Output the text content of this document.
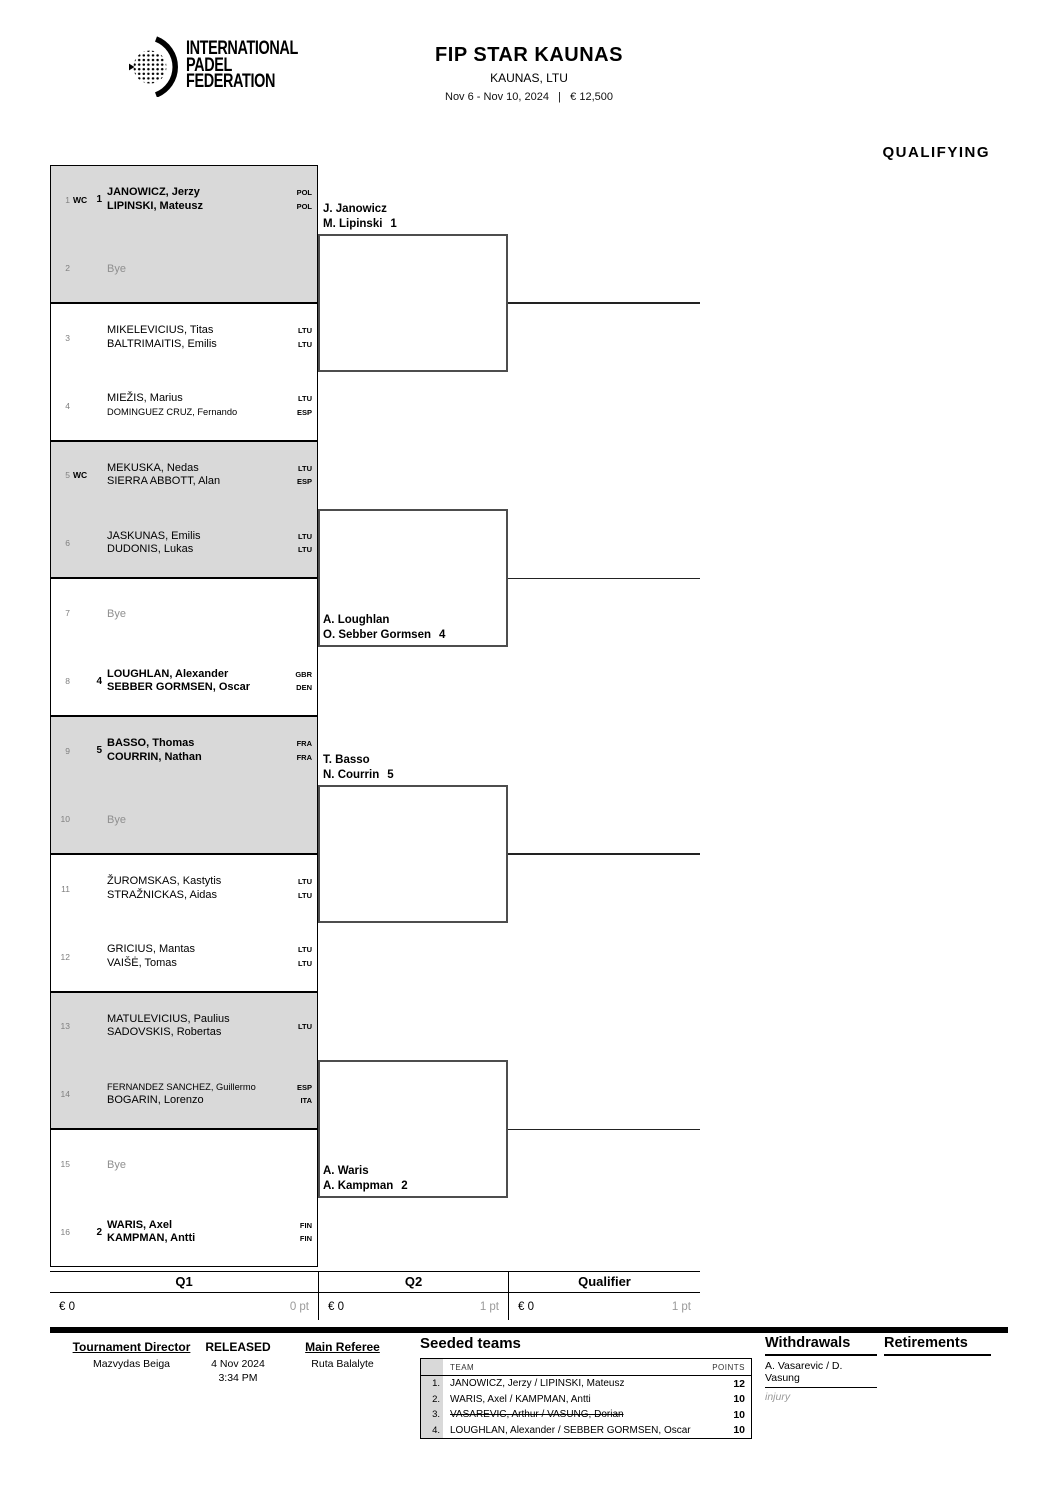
INTERNATIONAL
PADEL
FEDERATION
FIP STAR KAUNAS
KAUNAS, LTU
Nov 6 - Nov 10, 2024 | € 12,500
QUALIFYING
1 WC 1
JANOWICZ, Jerzy
LIPINSKI, Mateusz
POL
POL
2	Bye
3
MIKELEVICIUS, Titas
BALTRIMAITIS, Emilis
LTU
LTU
4
MIEŽIS, Marius
DOMINGUEZ CRUZ, Fernando
LTU
ESP
5 WC
MEKUSKA, Nedas
SIERRA ABBOTT, Alan
LTU
ESP
6
JASKUNAS, Emilis
DUDONIS, Lukas
LTU
LTU
7	Bye
8	4
LOUGHLAN, Alexander
SEBBER GORMSEN, Oscar
GBR
DEN
9	5
BASSO, Thomas
COURRIN, Nathan
FRA
FRA
10	Bye
11
ŽUROMSKAS, Kastytis
STRAŽNICKAS, Aidas
LTU
LTU
12
GRICIUS, Mantas
VAIŠĖ, Tomas
LTU
LTU
13
MATULEVICIUS, Paulius
SADOVSKIS, Robertas
LTU
14
FERNANDEZ SANCHEZ, Guillermo
BOGARIN, Lorenzo
ESP
ITA
15	Bye
16	2
WARIS, Axel
KAMPMAN, Antti
FIN
FIN
J. Janowicz
M. Lipinski 1
A. Loughlan
O. Sebber Gormsen 4
T. Basso
N. Courrin 5
A. Waris
A. Kampman 2
Q1	Q2	Qualifier
€ 0	0 pt € 0	1 pt € 0	1 pt
Tournament Director
Mazvydas Beiga
RELEASED
4 Nov 2024
3:34 PM
Main Referee
Ruta Balalyte
Seeded teams
TEAM	POINTS
1.	JANOWICZ, Jerzy / LIPINSKI, Mateusz	12
2.	WARIS, Axel / KAMPMAN, Antti	10
3.	VASAREVIC, Arthur / VASUNG, Dorian	10
4.	LOUGHLAN, Alexander / SEBBER GORMSEN, Oscar	10
Withdrawals
A. Vasarevic / D. Vasung
injury
Retirements
